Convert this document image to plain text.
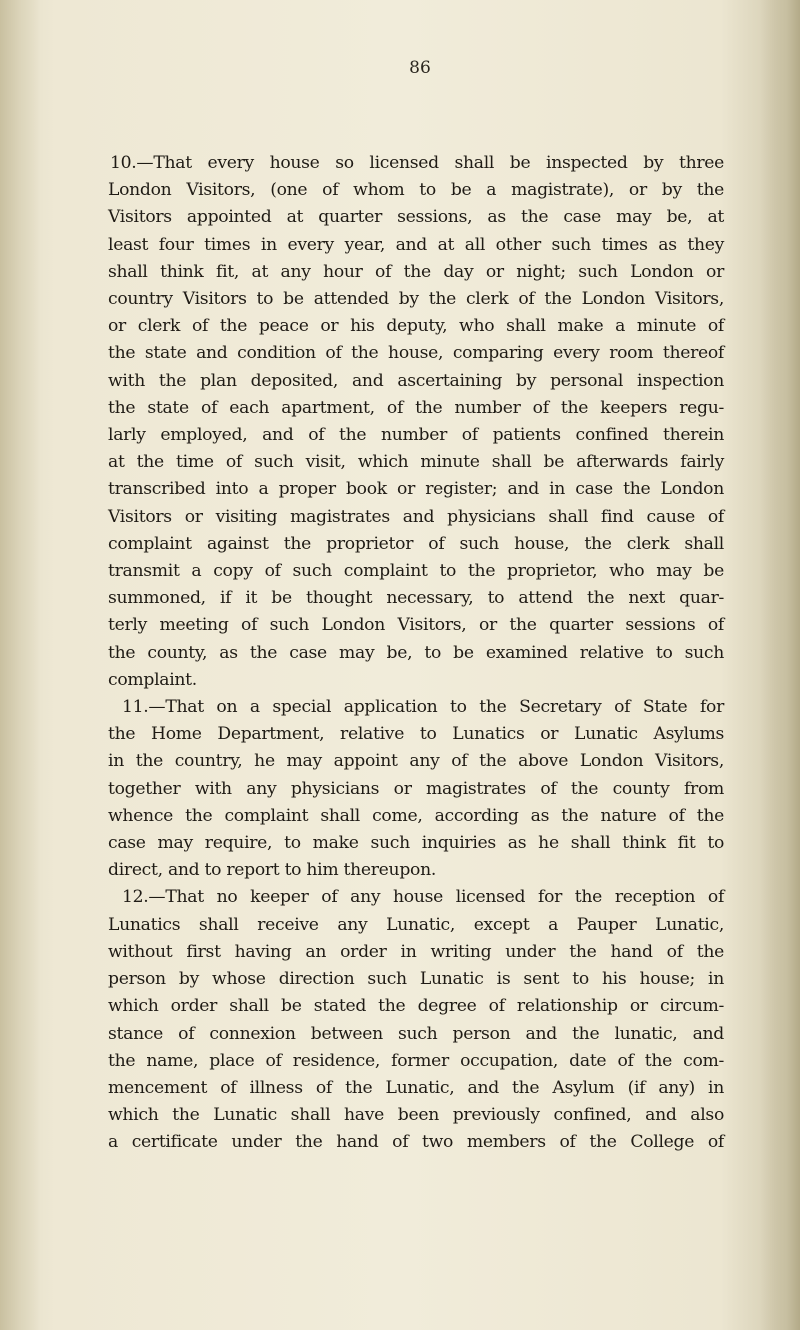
86
10.—That every house so licensed shall be inspected by three
London Visitors, (one of whom to be a magistrate), or by the
Visitors appointed at quarter sessions, as the case may be, at
least four times in every year, and at all other such times as they
shall think fit, at any hour of the day or night; such London or
country Visitors to be attended by the clerk of the London Visitors,
or clerk of the peace or his deputy, who shall make a minute of
the state and condition of the house, comparing every room thereof
with the plan deposited, and ascertaining by personal inspection
the state of each apartment, of the number of the keepers regu-
larly employed, and of the number of patients confined therein
at the time of such visit, which minute shall be afterwards fairly
transcribed into a proper book or register; and in case the London
Visitors or visiting magistrates and physicians shall find cause of
complaint against the proprietor of such house, the clerk shall
transmit a copy of such complaint to the proprietor, who may be
summoned, if it be thought necessary, to attend the next quar-
terly meeting of such London Visitors, or the quarter sessions of
the county, as the case may be, to be examined relative to such
complaint.
11.—That on a special application to the Secretary of State for
the Home Department, relative to Lunatics or Lunatic Asylums
in the country, he may appoint any of the above London Visitors,
together with any physicians or magistrates of the county from
whence the complaint shall come, according as the nature of the
case may require, to make such inquiries as he shall think fit to
direct, and to report to him thereupon.
12.—That no keeper of any house licensed for the reception of
Lunatics shall receive any Lunatic, except a Pauper Lunatic,
without first having an order in writing under the hand of the
person by whose direction such Lunatic is sent to his house; in
which order shall be stated the degree of relationship or circum-
stance of connexion between such person and the lunatic, and
the name, place of residence, former occupation, date of the com-
mencement of illness of the Lunatic, and the Asylum (if any) in
which the Lunatic shall have been previously confined, and also
a certificate under the hand of two members of the College of
